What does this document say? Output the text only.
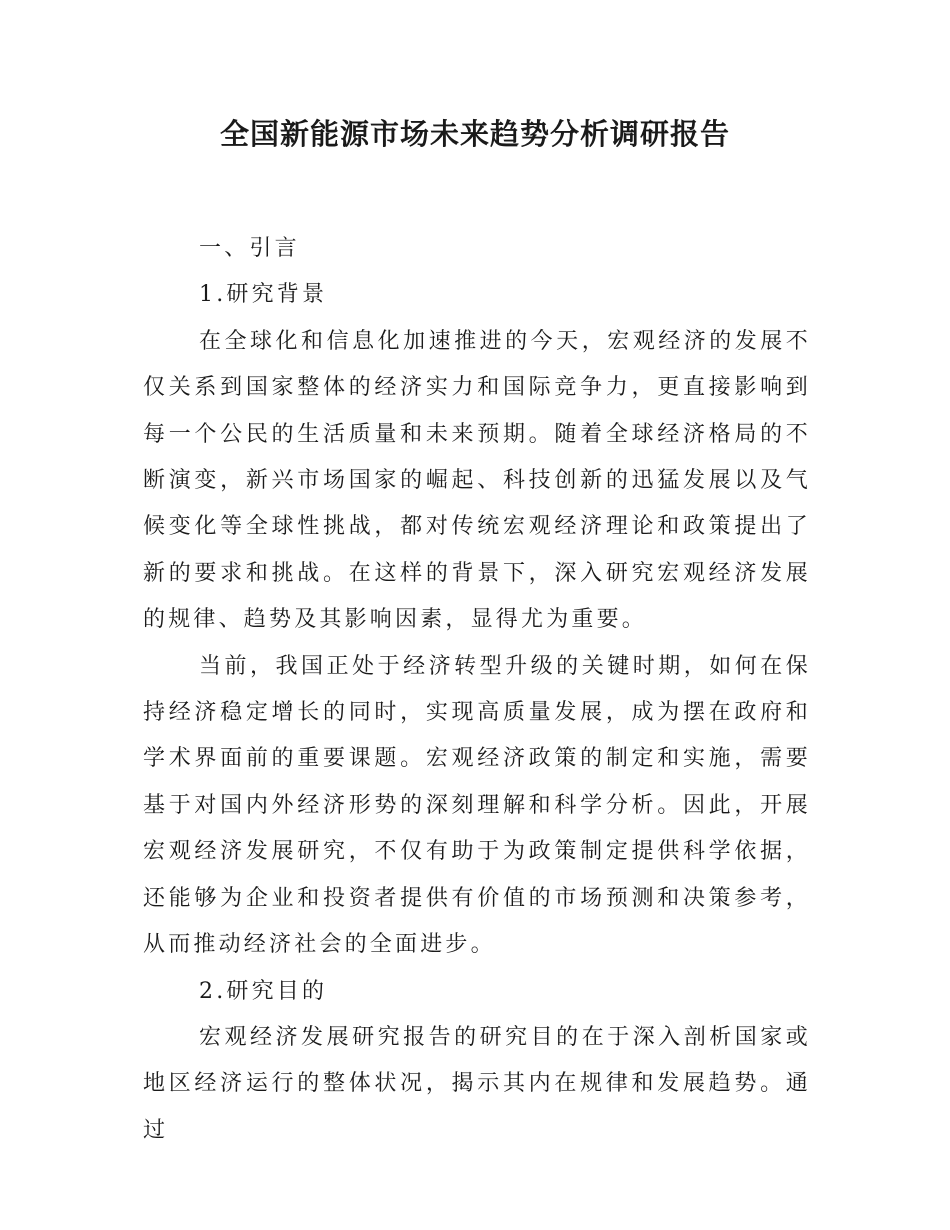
全国新能源市场未来趋势分析调研报告
一、引言
1.研究背景

在全球化和信息化加速推进的今天，宏观经济的发展不仅关系到国家整体的经济实力和国际竞争力，更直接影响到每一个公民的生活质量和未来预期。随着全球经济格局的不断演变，新兴市场国家的崛起、科技创新的迅猛发展以及气候变化等全球性挑战，都对传统宏观经济理论和政策提出了新的要求和挑战。在这样的背景下，深入研究宏观经济发展的规律、趋势及其影响因素，显得尤为重要。

当前，我国正处于经济转型升级的关键时期，如何在保持经济稳定增长的同时，实现高质量发展，成为摆在政府和学术界面前的重要课题。宏观经济政策的制定和实施，需要基于对国内外经济形势的深刻理解和科学分析。因此，开展宏观经济发展研究，不仅有助于为政策制定提供科学依据，还能够为企业和投资者提供有价值的市场预测和决策参考，从而推动经济社会的全面进步。

2.研究目的

宏观经济发展研究报告的研究目的在于深入剖析国家或地区经济运行的整体状况，揭示其内在规律和发展趋势。通过
